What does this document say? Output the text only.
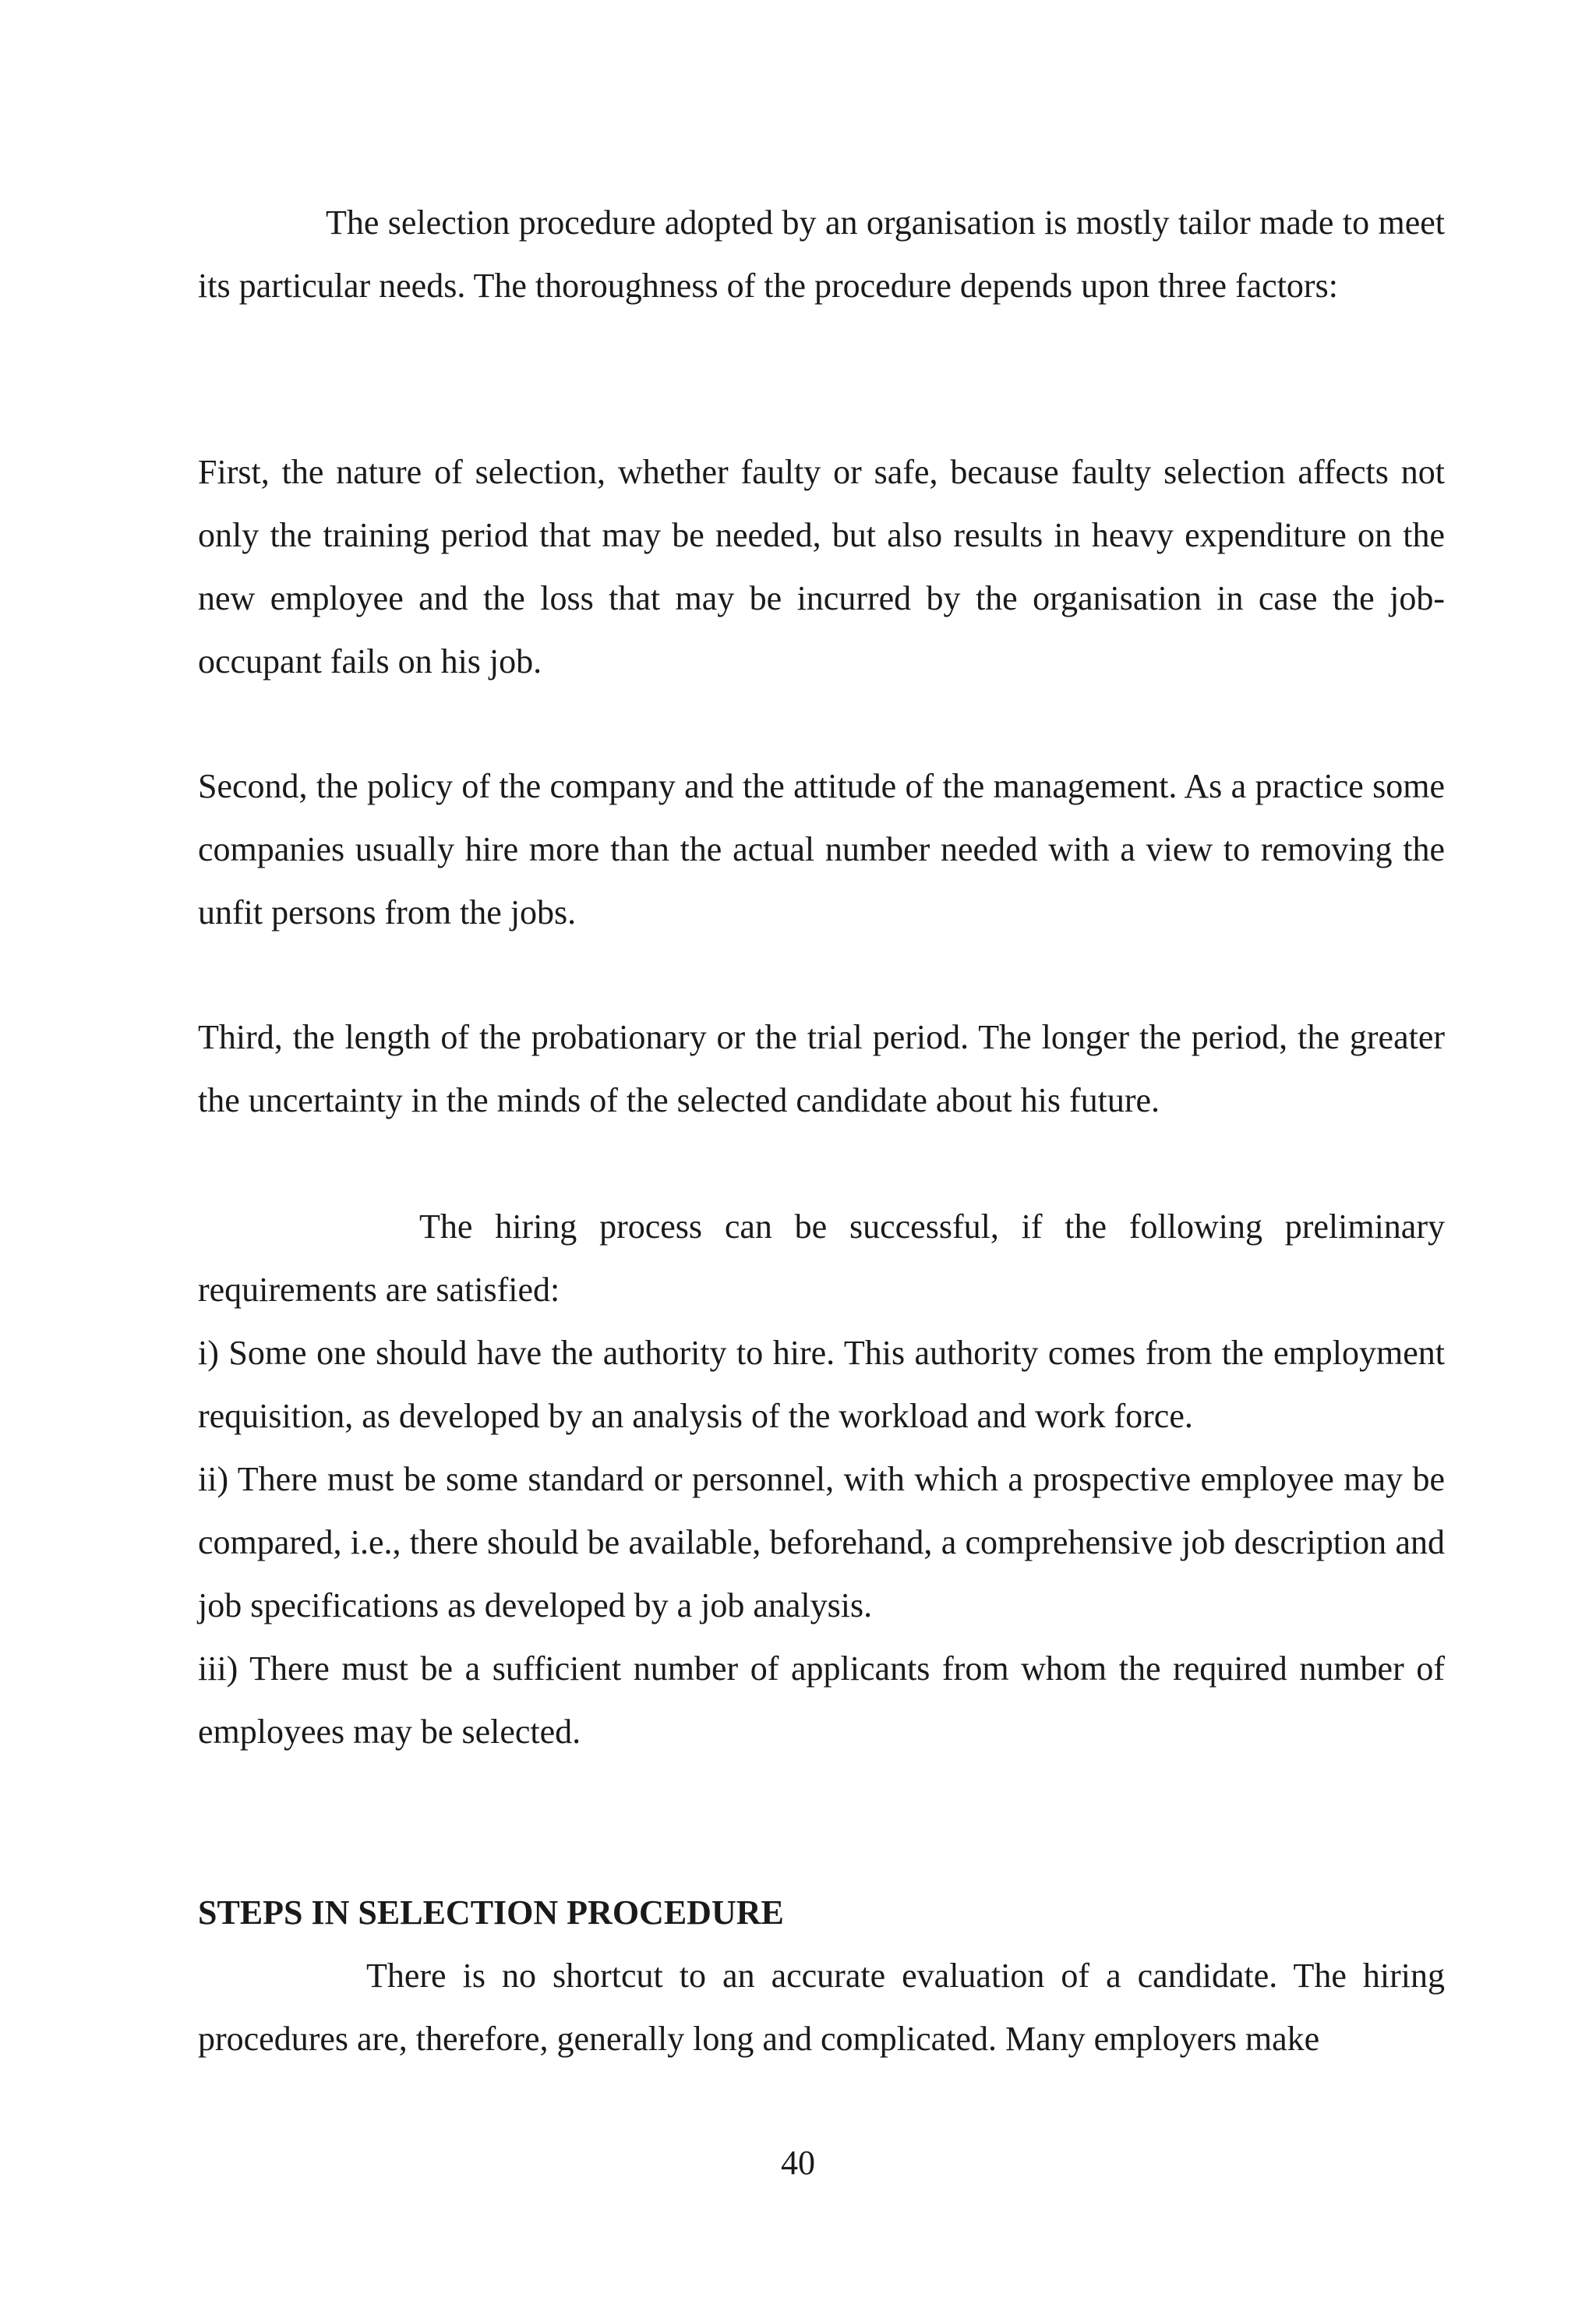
The selection procedure adopted by an organisation is mostly tailor made to meet its particular needs. The thoroughness of the procedure depends upon three factors:

First, the nature of selection, whether faulty or safe, because faulty selection affects not only the training period that may be needed, but also results in heavy expenditure on the new employee and the loss that may be incurred by the organisation in case the job-occupant fails on his job.

Second, the policy of the company and the attitude of the management. As a practice some companies usually hire more than the actual number needed with a view to removing the unfit persons from the jobs.

Third, the length of the probationary or the trial period. The longer the period, the greater the uncertainty in the minds of the selected candidate about his future.

The hiring process can be successful, if the following preliminary requirements are satisfied:

i) Some one should have the authority to hire. This authority comes from the employment requisition, as developed by an analysis of the workload and work force.

ii) There must be some standard or personnel, with which a prospective employee may be compared, i.e., there should be available, beforehand, a comprehensive job description and job specifications as developed by a job analysis.

iii) There must be a sufficient number of applicants from whom the required number of employees may be selected.

STEPS IN SELECTION PROCEDURE

There is no shortcut to an accurate evaluation of a candidate. The hiring procedures are, therefore, generally long and complicated. Many employers make

40
